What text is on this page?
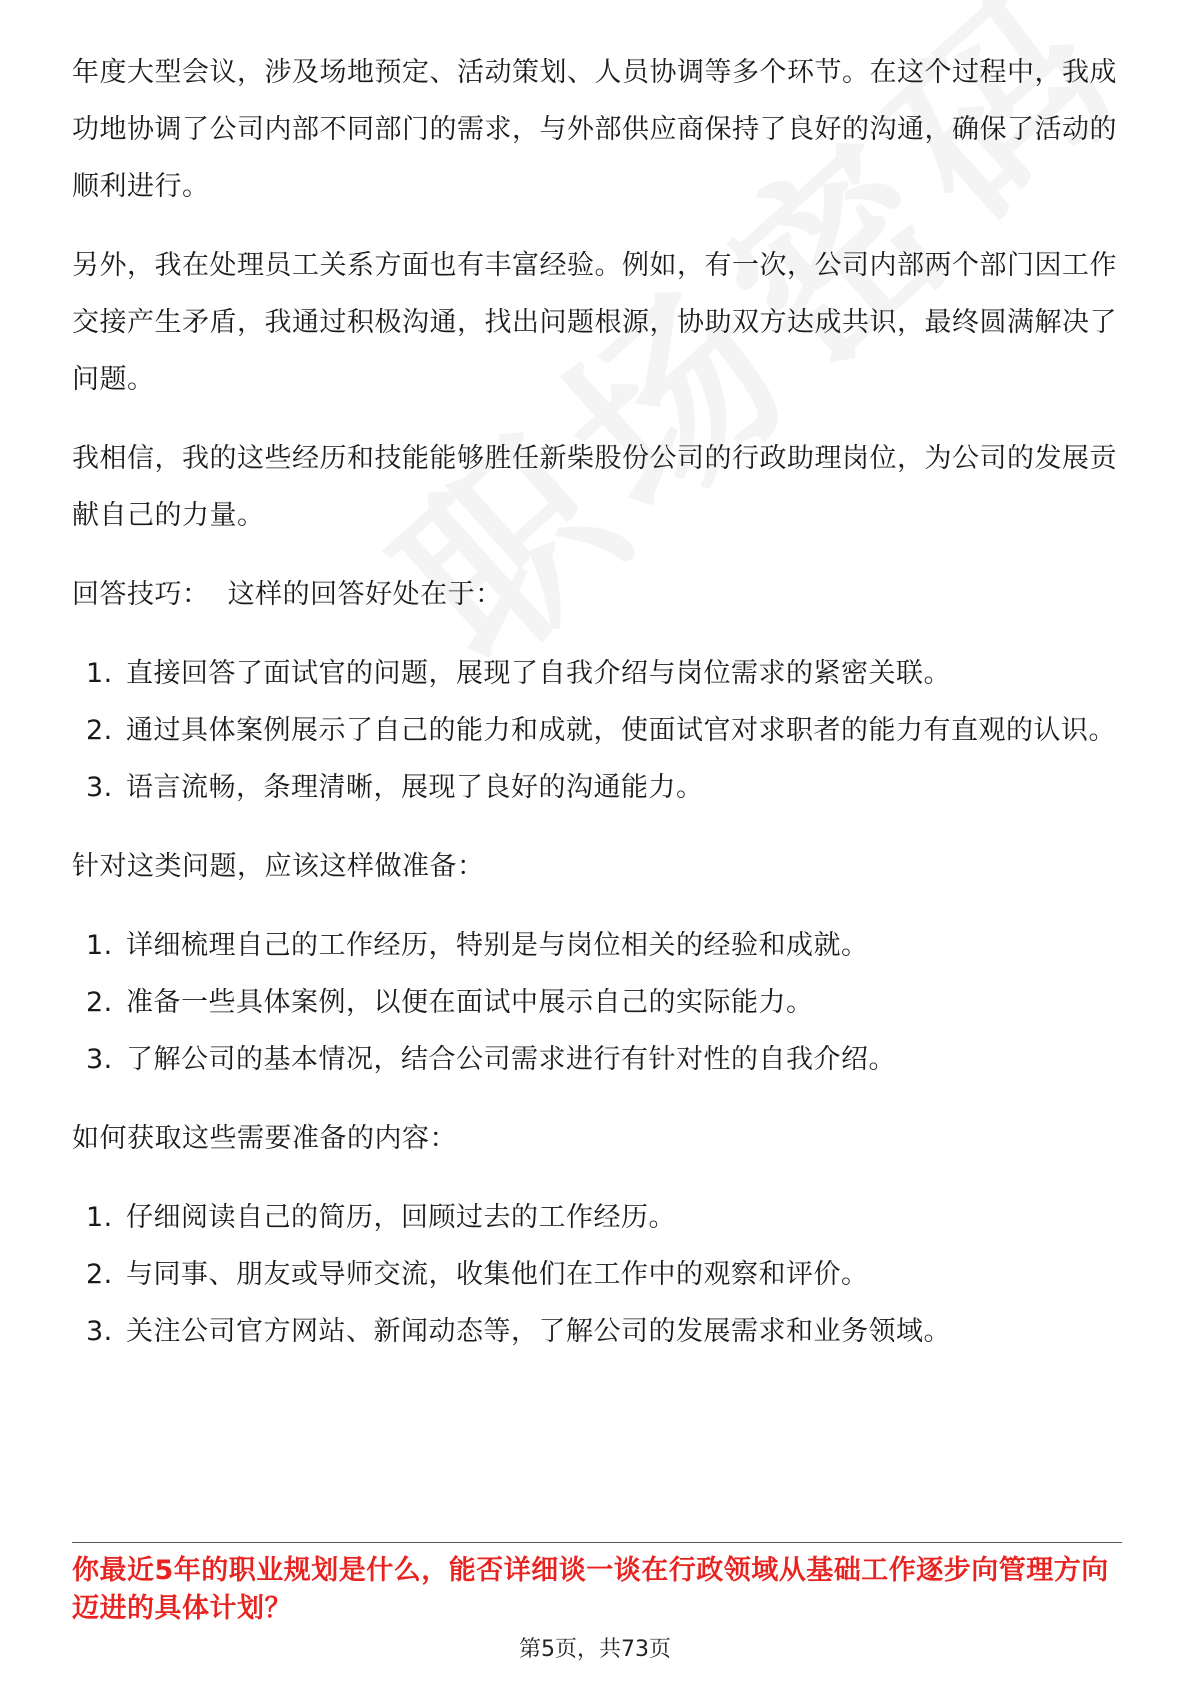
年度大型会议，涉及场地预定、活动策划、人员协调等多个环节。在这个过程中，我成功地协调了公司内部不同部门的需求，与外部供应商保持了良好的沟通，确保了活动的顺利进行。

另外，我在处理员工关系方面也有丰富经验。例如，有一次，公司内部两个部门因工作交接产生矛盾，我通过积极沟通，找出问题根源，协助双方达成共识，最终圆满解决了问题。

我相信，我的这些经历和技能能够胜任新柴股份公司的行政助理岗位，为公司的发展贡献自己的力量。

回答技巧：  这样的回答好处在于：

1. 直接回答了面试官的问题，展现了自我介绍与岗位需求的紧密关联。
2. 通过具体案例展示了自己的能力和成就，使面试官对求职者的能力有直观的认识。
3. 语言流畅，条理清晰，展现了良好的沟通能力。

针对这类问题，应该这样做准备：

1. 详细梳理自己的工作经历，特别是与岗位相关的经验和成就。
2. 准备一些具体案例，以便在面试中展示自己的实际能力。
3. 了解公司的基本情况，结合公司需求进行有针对性的自我介绍。

如何获取这些需要准备的内容：

1. 仔细阅读自己的简历，回顾过去的工作经历。
2. 与同事、朋友或导师交流，收集他们在工作中的观察和评价。
3. 关注公司官方网站、新闻动态等，了解公司的发展需求和业务领域。
你最近5年的职业规划是什么，能否详细谈一谈在行政领域从基础工作逐步向管理方向迈进的具体计划？
第5页，共73页
